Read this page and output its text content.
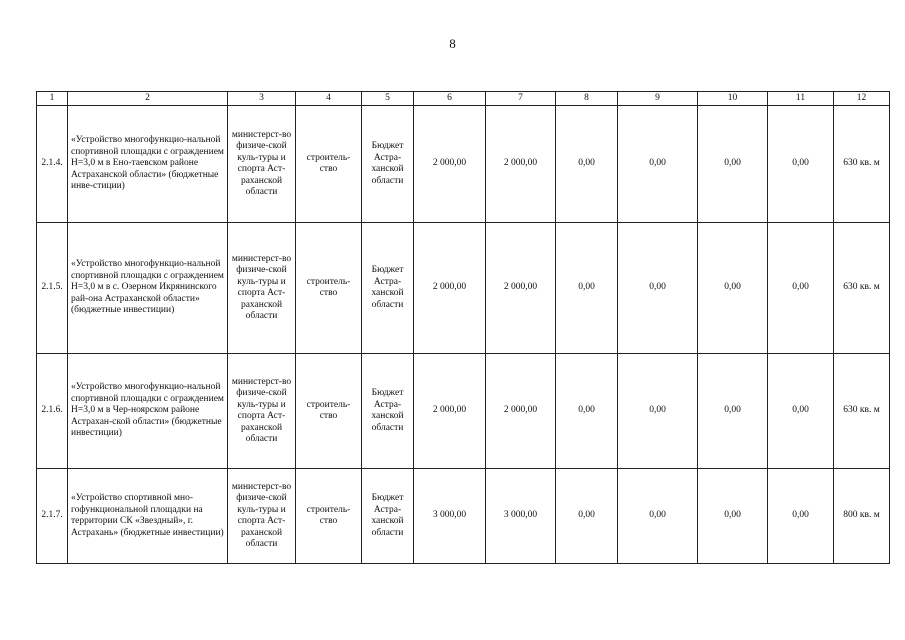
8
1	2	3	4	5	6	7	8	9	10	11	12
2.1.4.	«Устройство многофункцио-нальной спортивной площадки с ограждением Н=3,0 м в Ено-таевском районе Астраханской области» (бюджетные инве-стиции)	министерст-во физиче-ской куль-туры и спорта Аст-раханской области	строитель-ство	Бюджет Астра-ханской области	2 000,00	2 000,00	0,00	0,00	0,00	0,00	630 кв. м
2.1.5.	«Устройство многофункцио-нальной спортивной площадки с ограждением Н=3,0 м в с. Озерном Икрянинского рай-она Астраханской области» (бюджетные инвестиции)	министерст-во физиче-ской куль-туры и спорта Аст-раханской области	строитель-ство	Бюджет Астра-ханской области	2 000,00	2 000,00	0,00	0,00	0,00	0,00	630 кв. м
2.1.6.	«Устройство многофункцио-нальной спортивной площадки с ограждением Н=3,0 м в Чер-ноярском районе Астрахан-ской области» (бюджетные инвестиции)	министерст-во физиче-ской куль-туры и спорта Аст-раханской области	строитель-ство	Бюджет Астра-ханской области	2 000,00	2 000,00	0,00	0,00	0,00	0,00	630 кв. м
2.1.7.	«Устройство спортивной мно-гофункциональной площадки на территории СК «Звездный», г. Астрахань» (бюджетные инвестиции)	министерст-во физиче-ской куль-туры и спорта Аст-раханской области	строитель-ство	Бюджет Астра-ханской области	3 000,00	3 000,00	0,00	0,00	0,00	0,00	800 кв. м
